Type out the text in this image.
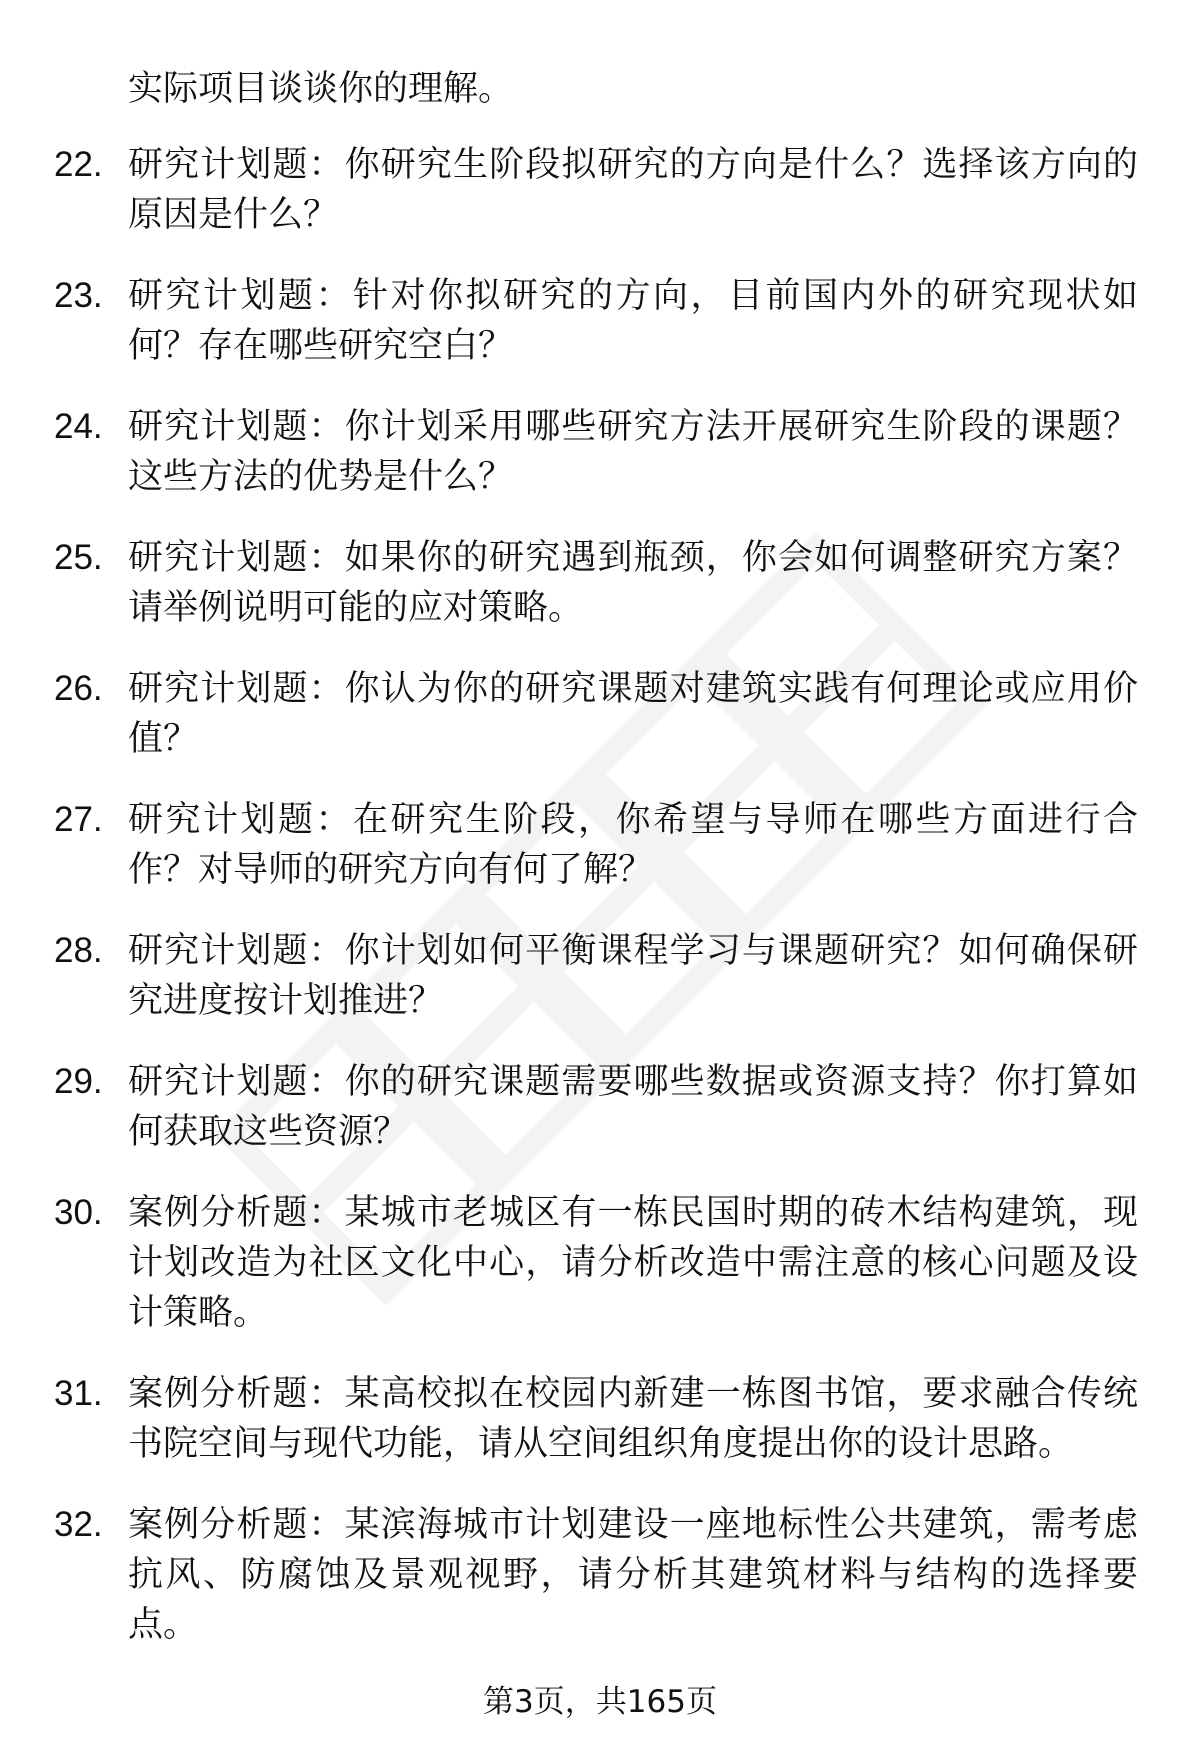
实际项目谈谈你的理解。
22. 研究计划题：你研究生阶段拟研究的方向是什么？选择该方向的原因是什么？
23. 研究计划题：针对你拟研究的方向，目前国内外的研究现状如何？存在哪些研究空白？
24. 研究计划题：你计划采用哪些研究方法开展研究生阶段的课题？这些方法的优势是什么？
25. 研究计划题：如果你的研究遇到瓶颈，你会如何调整研究方案？请举例说明可能的应对策略。
26. 研究计划题：你认为你的研究课题对建筑实践有何理论或应用价值？
27. 研究计划题：在研究生阶段，你希望与导师在哪些方面进行合作？对导师的研究方向有何了解？
28. 研究计划题：你计划如何平衡课程学习与课题研究？如何确保研究进度按计划推进？
29. 研究计划题：你的研究课题需要哪些数据或资源支持？你打算如何获取这些资源？
30. 案例分析题：某城市老城区有一栋民国时期的砖木结构建筑，现计划改造为社区文化中心，请分析改造中需注意的核心问题及设计策略。
31. 案例分析题：某高校拟在校园内新建一栋图书馆，要求融合传统书院空间与现代功能，请从空间组织角度提出你的设计思路。
32. 案例分析题：某滨海城市计划建设一座地标性公共建筑，需考虑抗风、防腐蚀及景观视野，请分析其建筑材料与结构的选择要点。
第3页，共165页
